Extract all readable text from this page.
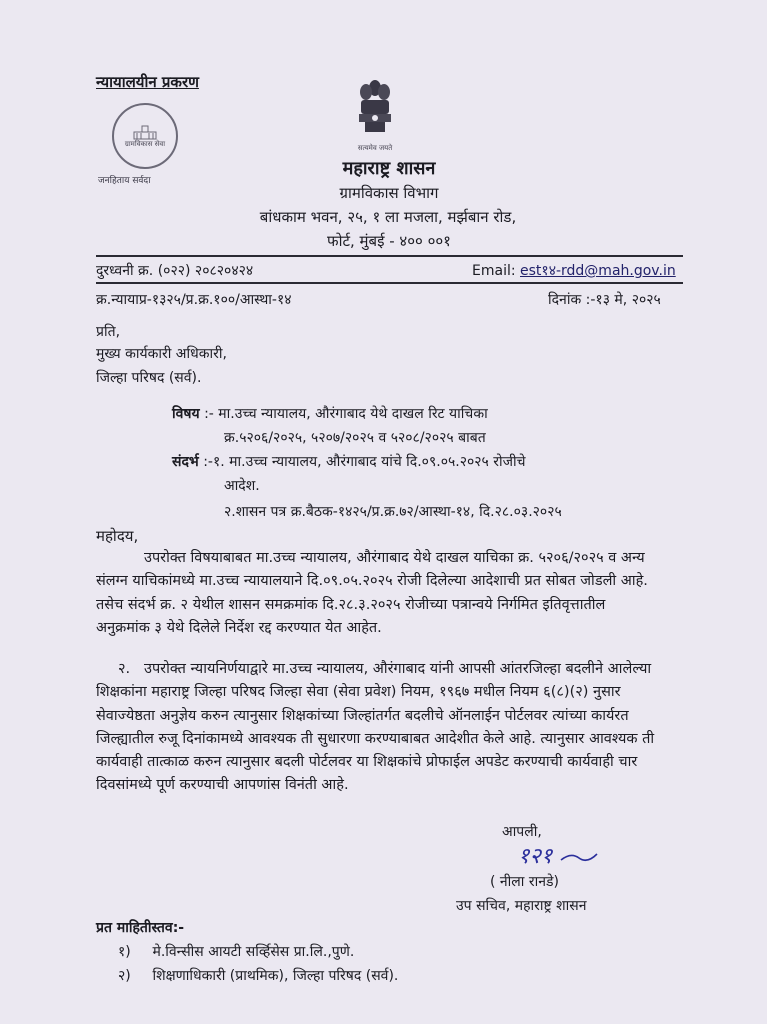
न्यायालयीन प्रकरण
ग्रामविकास सेवा
जनहिताय सर्वदा
सत्यमेव जयते
महाराष्ट्र शासन
ग्रामविकास विभाग
बांधकाम भवन, २५, १ ला मजला, मर्झबान रोड,
फोर्ट, मुंबई - ४०० ००१
दुरध्वनी क्र. (०२२) २०८२०४२४	Email: est१४-rdd@mah.gov.in
क्र.न्यायाप्र-१३२५/प्र.क्र.१००/आस्था-१४	दिनांक :-१३ मे, २०२५
प्रति,
मुख्य कार्यकारी अधिकारी,
जिल्हा परिषद (सर्व).
विषय :- मा.उच्च न्यायालय, औरंगाबाद येथे दाखल रिट याचिका
क्र.५२०६/२०२५, ५२०७/२०२५ व ५२०८/२०२५ बाबत
संदर्भ :-१. मा.उच्च न्यायालय, औरंगाबाद यांचे दि.०९.०५.२०२५ रोजीचे
आदेश.
२.शासन पत्र क्र.बैठक-१४२५/प्र.क्र.७२/आस्था-१४, दि.२८.०३.२०२५
महोदय,
उपरोक्त विषयाबाबत मा.उच्च न्यायालय, औरंगाबाद येथे दाखल याचिका क्र. ५२०६/२०२५ व अन्य
संलग्न याचिकांमध्ये मा.उच्च न्यायालयाने दि.०९.०५.२०२५ रोजी दिलेल्या आदेशाची प्रत सोबत जोडली आहे.
तसेच संदर्भ क्र. २ येथील शासन समक्रमांक दि.२८.३.२०२५ रोजीच्या पत्रान्वये निर्गमित इतिवृत्तातील
अनुक्रमांक ३ येथे दिलेले निर्देश रद्द करण्यात येत आहेत.
२. उपरोक्त न्यायनिर्णयाद्वारे मा.उच्च न्यायालय, औरंगाबाद यांनी आपसी आंतरजिल्हा बदलीने आलेल्या
शिक्षकांना महाराष्ट्र जिल्हा परिषद जिल्हा सेवा (सेवा प्रवेश) नियम, १९६७ मधील नियम ६(८)(२) नुसार
सेवाज्येष्ठता अनुज्ञेय करुन त्यानुसार शिक्षकांच्या जिल्हांतर्गत बदलीचे ऑनलाईन पोर्टलवर त्यांच्या कार्यरत
जिल्ह्यातील रुजू दिनांकामध्ये आवश्यक ती सुधारणा करण्याबाबत आदेशीत केले आहे. त्यानुसार आवश्यक ती
कार्यवाही तात्काळ करुन त्यानुसार बदली पोर्टलवर या शिक्षकांचे प्रोफाईल अपडेट करण्याची कार्यवाही चार
दिवसांमध्ये पूर्ण करण्याची आपणांस विनंती आहे.
आपली,
१२१
( नीला रानडे)
उप सचिव, महाराष्ट्र शासन
प्रत माहितीस्तव:-
१) मे.विन्सीस आयटी सर्व्हिसेस प्रा.लि.,पुणे.
२) शिक्षणाधिकारी (प्राथमिक), जिल्हा परिषद (सर्व).
